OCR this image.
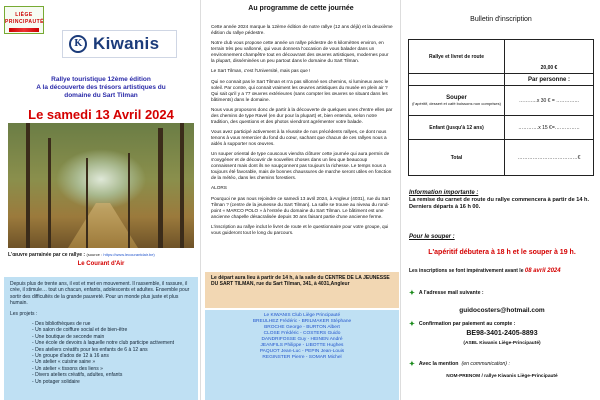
LIÈGE PRINCIPAUTÉ
K Kiwanis
Rallye touristique 12ème édition
A la découverte des trésors artistiques du
domaine du Sart Tilman
Le samedi 13 Avril 2024
L'œuvre parrainée par ce rallye : (source : https://www.lecourantdair.be)
Le Courant d'Air

Depuis plus de trente ans, il est et met en mouvement. Il rassemble, il rassure, il crée, il stimule… tout un chacun, enfants, adolescents et adultes. Ensemble pour sortir des difficultés de la grande pauvreté. Pour un monde plus juste et plus humain.

Les projets :

- Des bibliothèques de rue
- Un salon de coiffure social et de bien-être
- Une boutique de seconde main
- Une école de devoirs à laquelle notre club participe activement
- Des ateliers créatifs pour les enfants de 6 à 12 ans
- Un groupe d'ados de 12 à 16 ans
- Un atelier « cuisine saine »
- Un atelier « tissons des liens »
- Divers ateliers créatifs, adultes, enfants
- Un potager solidaire
Au programme de cette journée

Cette année 2024 marque la 12ème édition de notre rallye (12 ans déjà) et la deuxième édition du rallye pédestre.

Notre club vous propose cette année un rallye pédestre de 6 kilomètres environ, en terrain très peu vallonné, qui vous donnera l'occasion de vous balader dans un environnement champêtre tout en découvrant des œuvres artistiques, modernes pour la plupart, disséminées un peu partout dans le domaine du Sart Tilman.

Le Sart Tilman, c'est l'Université, mais pas que !

Qui ne connait pas le Sart Tilman et n'a pas sillonné ses chemins, si lumineux avec le soleil. Par contre, qui connait vraiment les œuvres artistiques du musée en plein air ? Qui sait qu'il y a 77 œuvres extérieures (sans compter les œuvres se situant dans les bâtiments) dans le domaine.

Nous vous proposons donc de partir à la découverte de quelques unes d'entre elles par des chemins de type Ravel (en dur pour la plupart) et, bien entendu, selon notre tradition, des questions et des photos viendront agrémenter votre balade.

Vous avez participé activement à la réussite de nos précédents rallyes, ce dont nous tenons à vous remercier du fond du cœur, sachant que chacun de ces rallyes nous a aidés à supporter nos œuvres.

Un souper oriental de type couscous viendra clôturer cette journée qui aura permis de s'oxygéner et de découvrir de nouvelles choses dans un lieu que beaucoup connaissent mais dont ils ne soupçonnent pas toujours la richesse. Le temps nous a toujours été favorable, mais de bonnes chaussures de marche seront utiles en fonction de la météo, dans les chemins forestiers.

ALORS

Pourquoi ne pas nous rejoindre ce samedi 13 avril 2024, à Angleur (4031), rue du Sart Tilman ? (centre de la jeunesse du Sart Tilman). La salle se trouve au niveau du rond-point « MARCO POLO » à l'entrée du domaine du Sart Tilman. Le bâtiment est une ancienne chapelle désacralisée depuis 30 ans faisant partie d'une ancienne ferme.

L'inscription au rallye inclut le livret de route et le questionnaire pour votre groupe, qui vous guideront tout le long du parcours.

Le départ aura lieu à partir de 14 h, à la salle du CENTRE DE LA JEUNESSE DU SART TILMAN, rue du Sart Tilman, 341, à 4031,Angleur
Le KIWANIS Club Liège Principauté
BREULHEZ Frédéric - BRILMAKER Stéphane
BROCHE George - BURTON Albert
CLOSE Frédéric - COSTERS Guido
DANDRIFOSSE Guy - HEINEN André
JEANFILS Philippe - LIBOTTE Hughes
PAQUOT Jean-Luc - PEPIN Jean-Louis
REGINSTER Pierre - SOMAR Michel
Bulletin d'inscription
Rallye et livret de route	20,00 €
	Par personne :
Souper
(l'apéritif, dessert et café boissons non comprises)	………..x 30 € = …………..
Enfant (jusqu'à 12 ans)	…………x 15 €=……………
Total	………………………………€
Information importante :
La remise du carnet de route du rallye commencera à partir de 14 h. Derniers départs à 16 h 00.
Pour le souper :
L'apéritif débutera à 18 h et le souper à 19 h.
Les inscriptions se font impérativement avant le 08 avril 2024
✦ A l'adresse mail suivante :
guidocosters@hotmail.com
✦ Confirmation par paiement au compte :
BE98-3401-2405-8893
(ASBL Kiwanis Liège-Principauté)
✦ Avec la mention (en communication) :
NOM-PRENOM / rallye Kiwanis Liège-Principauté
